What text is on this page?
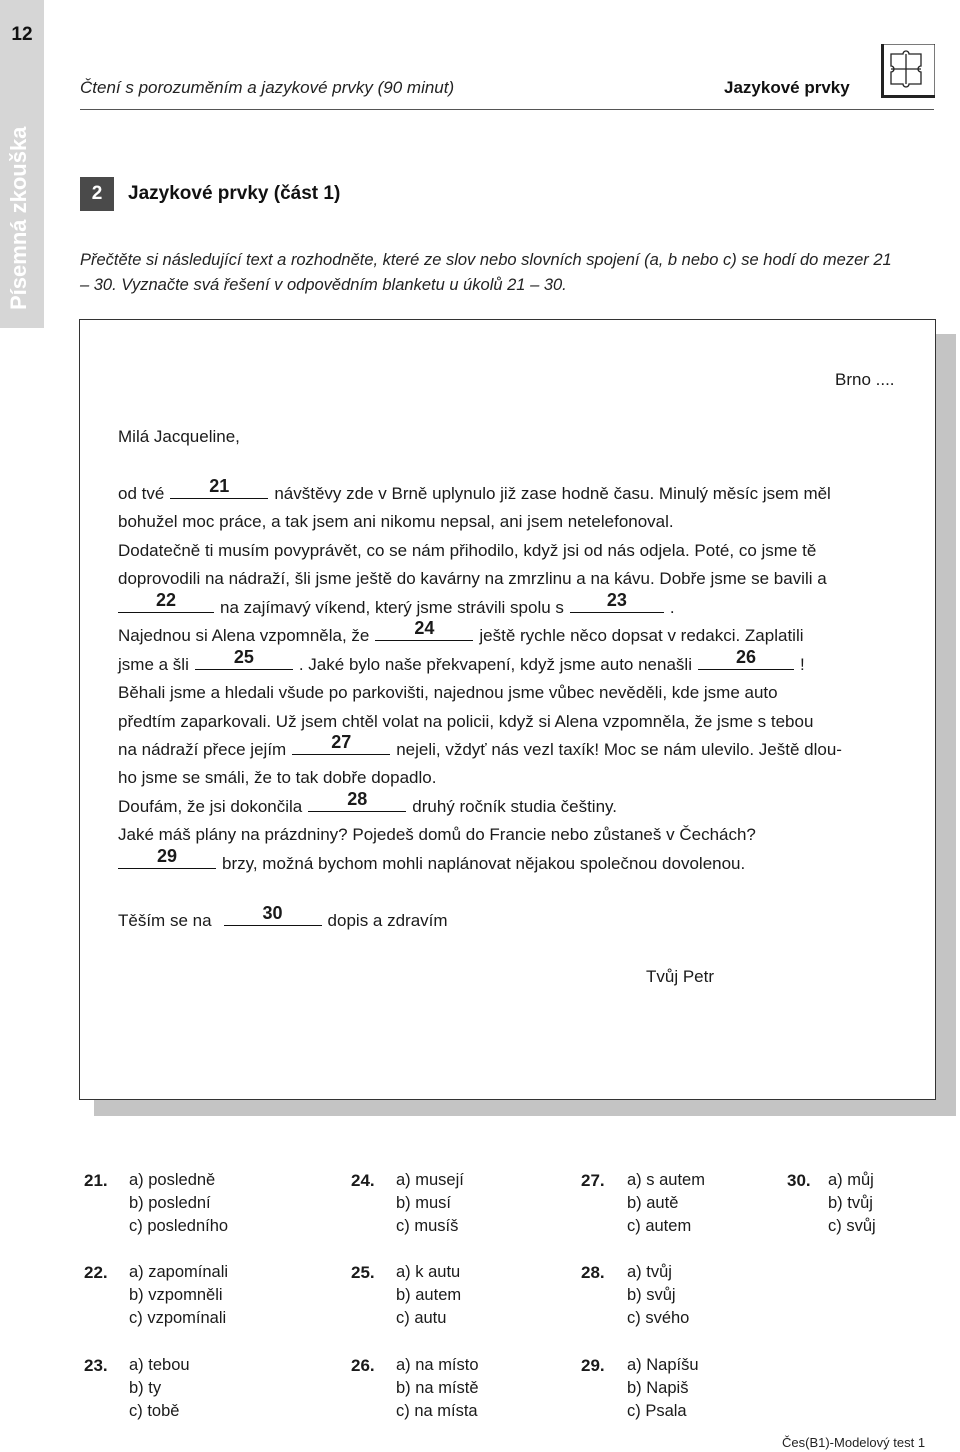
12
Písemná zkouška
Čtení s porozuměním a jazykové prvky (90 minut)	Jazykové prvky
2	Jazykové prvky (část 1)
Přečtěte si následující text a rozhodněte, které ze slov nebo slovních spojení (a, b nebo c) se hodí do mezer 21 – 30. Vyznačte svá řešení v odpovědním blanketu u úkolů 21 – 30.
Brno ....
Milá Jacqueline,
od tvé	21	návštěvy zde v Brně uplynulo již zase hodně času. Minulý měsíc jsem měl
bohužel moc práce, a tak jsem ani nikomu nepsal, ani jsem netelefonoval.
Dodatečně ti musím povyprávět, co se nám přihodilo, když jsi od nás odjela. Poté, co jsme tě
doprovodili na nádraží, šli jsme ještě do kavárny na zmrzlinu a na kávu. Dobře jsme se bavili a
22	na zajímavý víkend, který jsme strávili spolu s	23	.
Najednou si Alena vzpomněla, že	24	ještě rychle něco dopsat v redakci. Zaplatili
jsme a šli	25	. Jaké bylo naše překvapení, když jsme auto nenašli	26	!
Běhali jsme a hledali všude po parkovišti, najednou jsme vůbec nevěděli, kde jsme auto
předtím zaparkovali. Už jsem chtěl volat na policii, když si Alena vzpomněla, že jsme s tebou
na nádraží přece jejím	27	nejeli, vždyť nás vezl taxík! Moc se nám ulevilo. Ještě dlou-
ho jsme se smáli, že to tak dobře dopadlo.
Doufám, že jsi dokončila	28	druhý ročník studia češtiny.
Jaké máš plány na prázdniny? Pojedeš domů do Francie nebo zůstaneš v Čechách?
29	brzy, možná bychom mohli naplánovat nějakou společnou dovolenou.
Těším se na	30	dopis a zdravím
Tvůj Petr
21. a) posledně
b) poslední
c) posledního
22. a) zapomínali
b) vzpomněli
c) vzpomínali
23. a) tebou
b) ty
c) tobě
24. a) musejí
b) musí
c) musíš
25. a) k autu
b) autem
c) autu
26. a) na místo
b) na místě
c) na místa
27. a) s autem
b) autě
c) autem
28. a) tvůj
b) svůj
c) svého
29. a) Napíšu
b) Napiš
c) Psala
30. a) můj
b) tvůj
c) svůj
Čes(B1)-Modelový test 1
